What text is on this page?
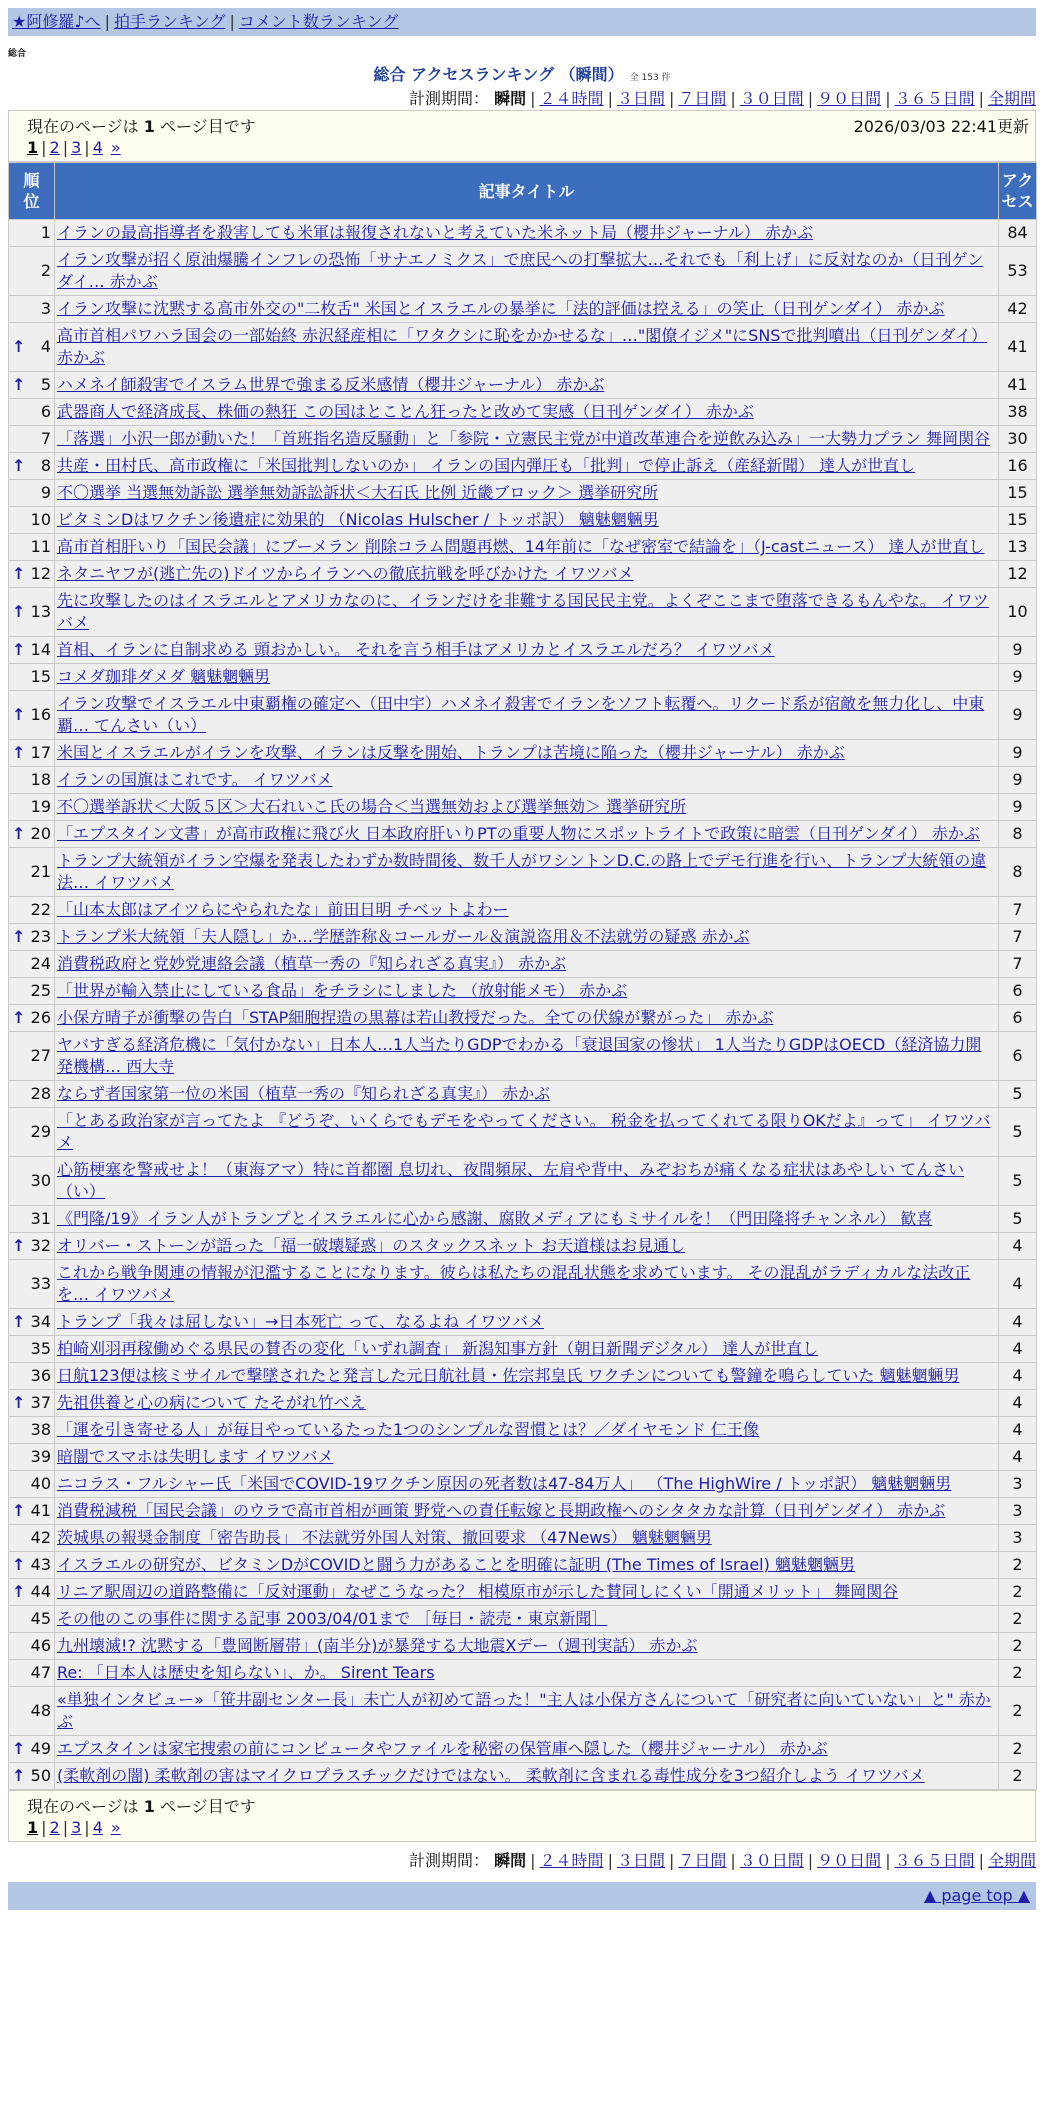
★阿修羅♪へ | 拍手ランキング | コメント数ランキング
総合
総合 アクセスランキング （瞬間） 全 153 件
計測期間： 瞬間 | ２４時間 | ３日間 | ７日間 | ３０日間 | ９０日間 | ３６５日間 | 全期間
現在のページは 1 ページ目です	2026/03/03 22:41更新
1 | 2 | 3 | 4 »
順位	記事タイトル	アクセス
1	イランの最高指導者を殺害しても米軍は報復されないと考えていた米ネット局（櫻井ジャーナル） 赤かぶ	84
2	イラン攻撃が招く原油爆騰インフレの恐怖「サナエノミクス」で庶民への打撃拡大…それでも「利上げ」に反対なのか（日刊ゲンダイ… 赤かぶ	53
3	イラン攻撃に沈黙する高市外交の"二枚舌" 米国とイスラエルの暴挙に「法的評価は控える」の笑止（日刊ゲンダイ） 赤かぶ	42

↑ 4	高市首相パワハラ国会の一部始終 赤沢経産相に「ワタクシに恥をかかせるな」…"閣僚イジメ"にSNSで批判噴出（日刊ゲンダイ） 赤かぶ	41

↑ 5	ハメネイ師殺害でイスラム世界で強まる反米感情（櫻井ジャーナル） 赤かぶ	41
6	武器商人で経済成長、株価の熱狂 この国はとことん狂ったと改めて実感（日刊ゲンダイ） 赤かぶ	38
7	「落選」小沢一郎が動いた！「首班指名造反騒動」と「参院・立憲民主党が中道改革連合を逆飲み込み」一大勢力プラン 舞岡関谷	30

↑ 8	共産・田村氏、高市政権に「米国批判しないのか」 イランの国内弾圧も「批判」で停止訴え（産経新聞） 達人が世直し	16
9	不〇選挙 当選無効訴訟 選挙無効訴訟訴状＜大石氏 比例 近畿ブロック＞ 選挙研究所	15
10	ビタミンDはワクチン後遺症に効果的 （Nicolas Hulscher / トッポ訳） 魑魅魍魎男	15
11	高市首相肝いり「国民会議」にブーメラン 削除コラム問題再燃、14年前に「なぜ密室で結論を」（J-castニュース） 達人が世直し	13

↑ 12	ネタニヤフが(逃亡先の)ドイツからイランへの徹底抗戦を呼びかけた イワツバメ	12

↑ 13	先に攻撃したのはイスラエルとアメリカなのに、イランだけを非難する国民民主党。よくぞここまで堕落できるもんやな。 イワツバメ	10

↑ 14	首相、イランに自制求める 頭おかしい。 それを言う相手はアメリカとイスラエルだろ？ イワツバメ	9
15	コメダ珈琲ダメダ 魑魅魍魎男	9

↑ 16	イラン攻撃でイスラエル中東覇権の確定へ（田中宇）ハメネイ殺害でイランをソフト転覆へ。リクード系が宿敵を無力化し、中東覇… てんさい（い）	9

↑ 17	米国とイスラエルがイランを攻撃、イランは反撃を開始、トランプは苦境に陥った（櫻井ジャーナル） 赤かぶ	9
18	イランの国旗はこれです。 イワツバメ	9
19	不〇選挙訴状＜大阪５区＞大石れいこ氏の場合＜当選無効および選挙無効＞ 選挙研究所	9

↑ 20	「エプスタイン文書」が高市政権に飛び火 日本政府肝いりPTの重要人物にスポットライトで政策に暗雲（日刊ゲンダイ） 赤かぶ	8
21	トランプ大統領がイラン空爆を発表したわずか数時間後、数千人がワシントンD.C.の路上でデモ行進を行い、トランプ大統領の違法… イワツバメ	8
22	「山本太郎はアイツらにやられたな」前田日明 チベットよわー	7

↑ 23	トランプ米大統領「夫人隠し」か…学歴詐称＆コールガール＆演説盗用＆不法就労の疑惑 赤かぶ	7
24	消費税政府と党妙党連絡会議（植草一秀の『知られざる真実』） 赤かぶ	7
25	「世界が輸入禁止にしている食品」をチラシにしました （放射能メモ） 赤かぶ	6

↑ 26	小保方晴子が衝撃の告白「STAP細胞捏造の黒幕は若山教授だった。全ての伏線が繋がった」 赤かぶ	6
27	ヤバすぎる経済危機に「気付かない」日本人…1人当たりGDPでわかる「衰退国家の惨状」 1人当たりGDPはOECD（経済協力開発機構… 西大寺	6
28	ならず者国家第一位の米国（植草一秀の『知られざる真実』） 赤かぶ	5
29	「とある政治家が言ってたよ 『どうぞ、いくらでもデモをやってください。 税金を払ってくれてる限りOKだよ』って」 イワツバメ	5
30	心筋梗塞を警戒せよ！（東海アマ）特に首都圏 息切れ、夜間頻尿、左肩や背中、みぞおちが痛くなる症状はあやしい てんさい（い）	5
31	《門隆/19》イラン人がトランプとイスラエルに心から感謝、腐敗メディアにもミサイルを！（門田隆将チャンネル） 歓喜	5

↑ 32	オリバー・ストーンが語った「福一破壊疑惑」のスタックスネット お天道様はお見通し	4
33	これから戦争関連の情報が氾濫することになります。彼らは私たちの混乱状態を求めています。 その混乱がラディカルな法改正を… イワツバメ	4

↑ 34	トランプ「我々は屈しない」→日本死亡 って、なるよね イワツバメ	4
35	柏崎刈羽再稼働めぐる県民の賛否の変化「いずれ調査」 新潟知事方針（朝日新聞デジタル） 達人が世直し	4
36	日航123便は核ミサイルで撃墜されたと発言した元日航社員・佐宗邦皇氏 ワクチンについても警鐘を鳴らしていた 魑魅魍魎男	4

↑ 37	先祖供養と心の病について たそがれ竹べえ	4
38	「運を引き寄せる人」が毎日やっているたった1つのシンプルな習慣とは？／ダイヤモンド 仁王像	4
39	暗闇でスマホは失明します イワツバメ	4
40	ニコラス・フルシャー氏「米国でCOVID-19ワクチン原因の死者数は47-84万人」 （The HighWire / トッポ訳） 魑魅魍魎男	3

↑ 41	消費税減税「国民会議」のウラで高市首相が画策 野党への責任転嫁と長期政権へのシタタカな計算（日刊ゲンダイ） 赤かぶ	3
42	茨城県の報奨金制度「密告助長」 不法就労外国人対策、撤回要求 （47News） 魑魅魍魎男	3

↑ 43	イスラエルの研究が、ビタミンDがCOVIDと闘う力があることを明確に証明 (The Times of Israel) 魑魅魍魎男	2

↑ 44	リニア駅周辺の道路整備に「反対運動」なぜこうなった？ 相模原市が示した賛同しにくい「開通メリット」 舞岡関谷	2
45	その他のこの事件に関する記事 2003/04/01まで ［毎日・読売・東京新聞］	2
46	九州壊滅!? 沈黙する「豊岡断層帯」(南半分)が暴発する大地震Xデー（週刊実話） 赤かぶ	2
47	Re: 「日本人は歴史を知らない」、か。 Sirent Tears	2
48	«単独インタビュー»「笹井副センター長」未亡人が初めて語った！"主人は小保方さんについて「研究者に向いていない」と" 赤かぶ	2

↑ 49	エプスタインは家宅捜索の前にコンピュータやファイルを秘密の保管庫へ隠した（櫻井ジャーナル） 赤かぶ	2

↑ 50	(柔軟剤の闇) 柔軟剤の害はマイクロプラスチックだけではない。 柔軟剤に含まれる毒性成分を3つ紹介しよう イワツバメ	2
現在のページは 1 ページ目です
1 | 2 | 3 | 4 »
計測期間： 瞬間 | ２４時間 | ３日間 | ７日間 | ３０日間 | ９０日間 | ３６５日間 | 全期間
▲ page top ▲
